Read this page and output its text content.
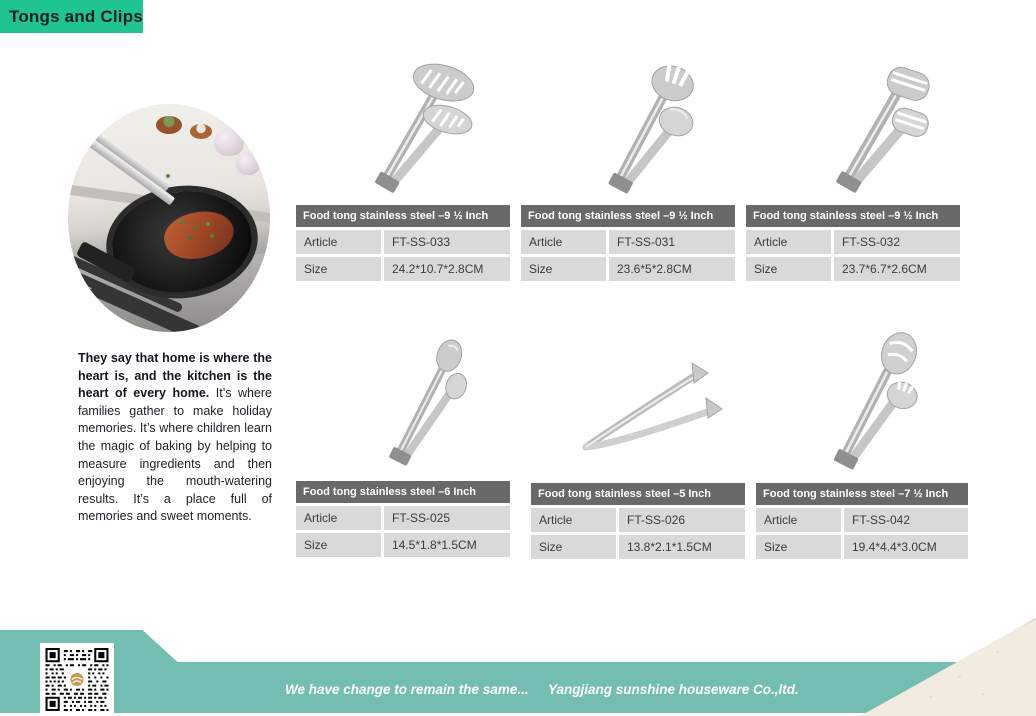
Tongs and Clips
They say that home is where the heart is, and the kitchen is the heart of every home. It’s where families gather to make holiday memories. It’s where children learn the magic of baking by helping to measure ingredients and then enjoying the mouth-watering results. It’s a place full of memories and sweet moments.
Food tong stainless steel –9 ½ Inch
Article	FT-SS-033
Size	24.2*10.7*2.8CM
Food tong stainless steel –9 ½ Inch
Article	FT-SS-031
Size	23.6*5*2.8CM
Food tong stainless steel –9 ½ Inch
Article	FT-SS-032
Size	23.7*6.7*2.6CM
Food tong stainless steel –6 Inch
Article	FT-SS-025
Size	14.5*1.8*1.5CM
Food tong stainless steel –5 Inch
Article	FT-SS-026
Size	13.8*2.1*1.5CM
Food tong stainless steel –7 ½ Inch
Article	FT-SS-042
Size	19.4*4.4*3.0CM
We have change to remain the same... Yangjiang sunshine houseware Co.,ltd.
